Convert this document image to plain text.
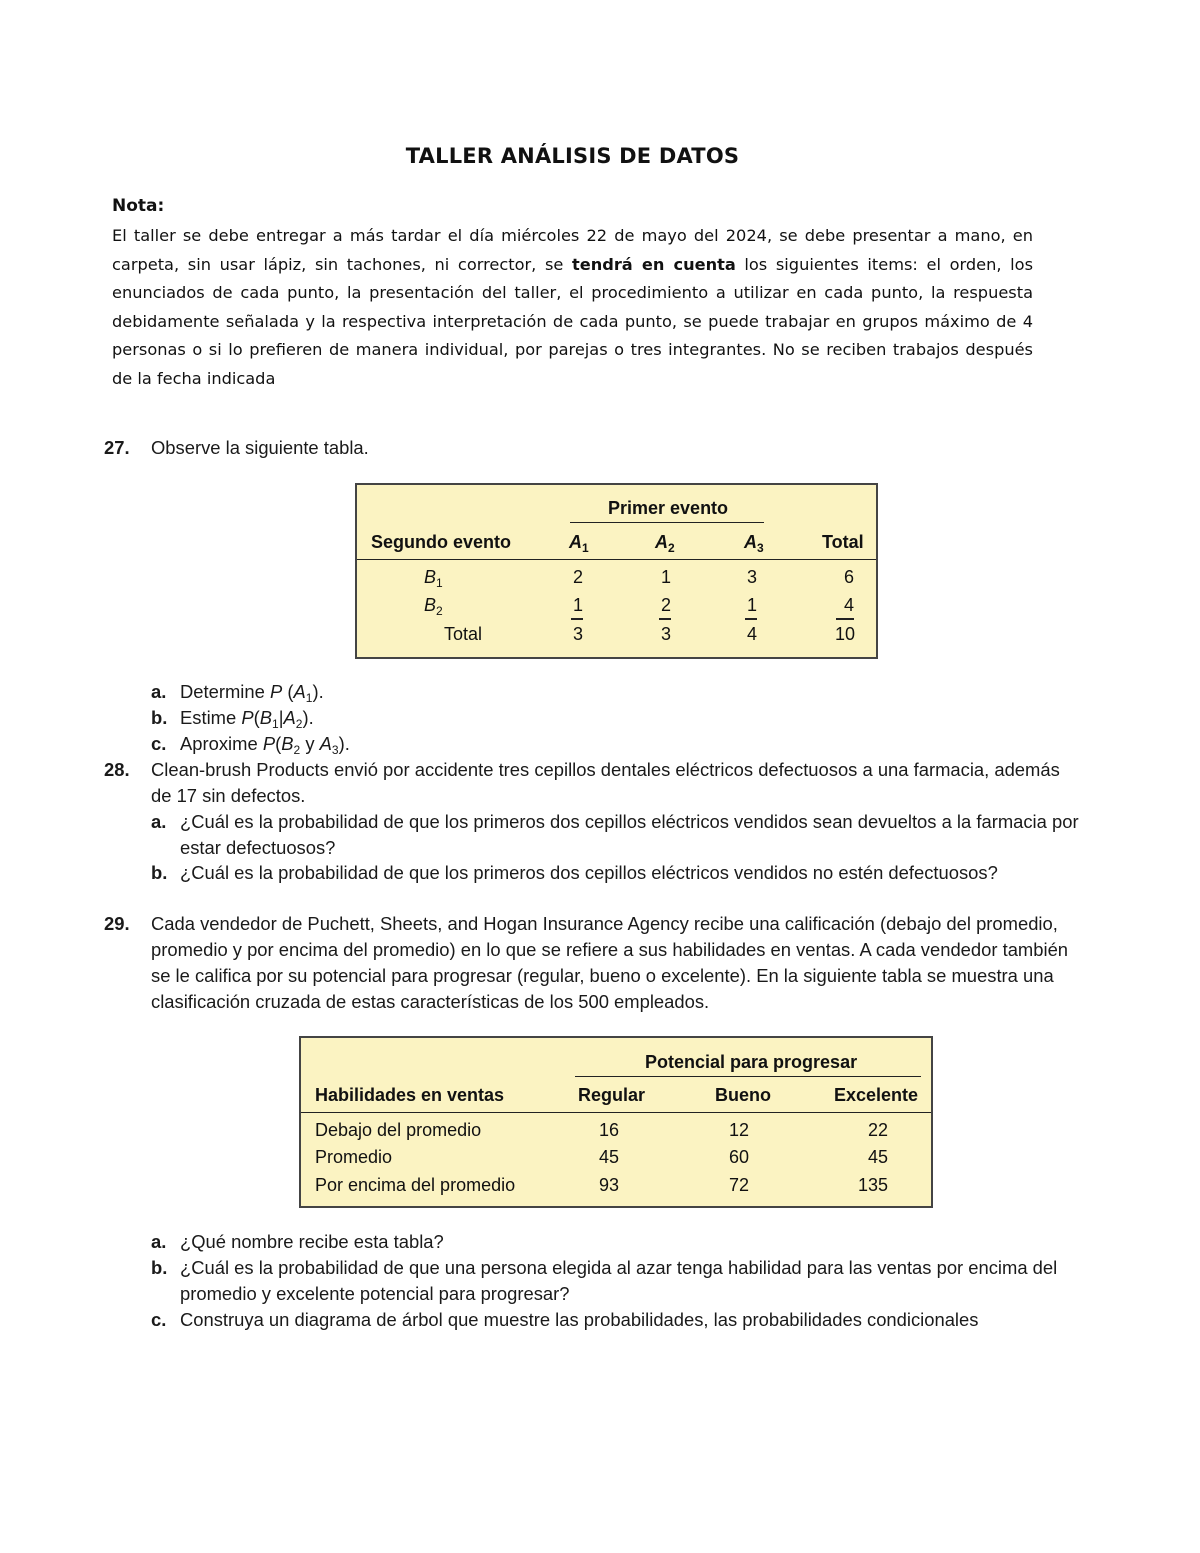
TALLER ANÁLISIS DE DATOS
Nota:
El taller se debe entregar a más tardar el día miércoles 22 de mayo del 2024, se debe presentar a mano, en carpeta, sin usar lápiz, sin tachones, ni corrector, se tendrá en cuenta los siguientes items: el orden, los enunciados de cada punto, la presentación del taller, el procedimiento a utilizar en cada punto, la respuesta debidamente señalada y la respectiva interpretación de cada punto, se puede trabajar en grupos máximo de 4 personas o si lo prefieren de manera individual, por parejas o tres integrantes. No se reciben trabajos después de la fecha indicada
27. Observe la siguiente tabla.
Primer evento
Segundo evento	$A_1$	$A_2$	$A_3$	Total
$B_1$	2	1	3	6
$B_2$	1	2	1	4
Total	3	3	4	10
a. Determine P $(A_1)$.
b. Estime $P(B_1|A_2)$.
c. Aproxime $P(B_2$ y $A_3$).
28. Clean-brush Products envió por accidente tres cepillos dentales eléctricos defectuosos a una farmacia, además de 17 sin defectos.
a. ¿Cuál es la probabilidad de que los primeros dos cepillos eléctricos vendidos sean devueltos a la farmacia por estar defectuosos?
b. ¿Cuál es la probabilidad de que los primeros dos cepillos eléctricos vendidos no estén defectuosos?
29. Cada vendedor de Puchett, Sheets, and Hogan Insurance Agency recibe una calificación (debajo del promedio, promedio y por encima del promedio) en lo que se refiere a sus habilidades en ventas. A cada vendedor también se le califica por su potencial para progresar (regular, bueno o excelente). En la siguiente tabla se muestra una clasificación cruzada de estas características de los 500 empleados.
Potencial para progresar
Habilidades en ventas	Regular	Bueno	Excelente
Debajo del promedio	16	12	22
Promedio	45	60	45
Por encima del promedio	93	72	135
a. ¿Qué nombre recibe esta tabla?
b. ¿Cuál es la probabilidad de que una persona elegida al azar tenga habilidad para las ventas por encima del promedio y excelente potencial para progresar?
c. Construya un diagrama de árbol que muestre las probabilidades, las probabilidades condicionales
